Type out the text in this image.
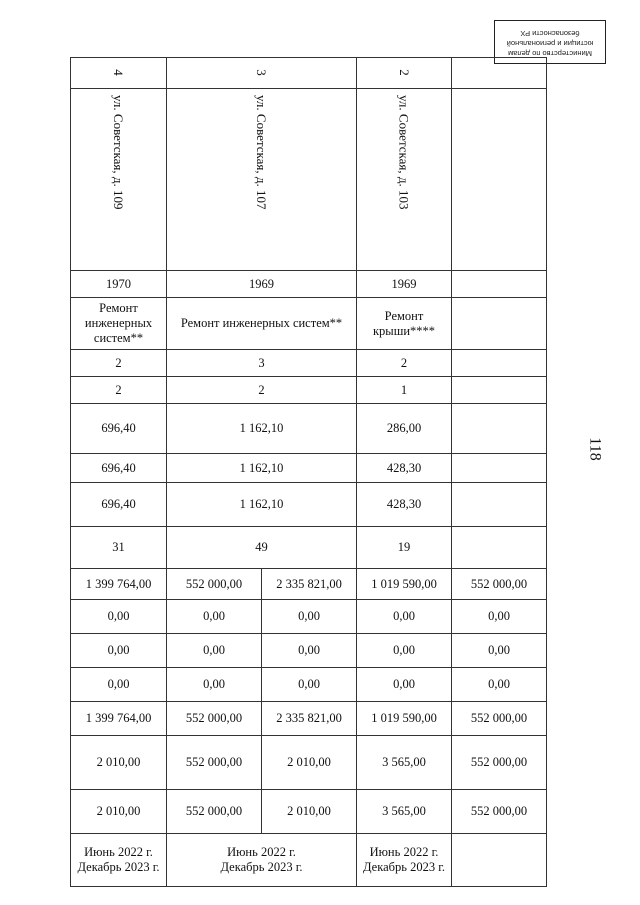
Министерство по делам
юстиции и региональной
безопасности РХ
118
4	3		2	
ул. Советская, д. 109	ул. Советская, д. 107		ул. Советская, д. 103	
1970	1969		1969	
Ремонт инженерных систем**	Ремонт инженерных систем**		Ремонт крыши****	
2	3		2	
2	2		1	
696,40	1 162,10		286,00	
696,40	1 162,10		428,30	
696,40	1 162,10		428,30	
31	49		19	
1 399 764,00	552 000,00	2 335 821,00	1 019 590,00	552 000,00
0,00	0,00	0,00	0,00	0,00
0,00	0,00	0,00	0,00	0,00
0,00	0,00	0,00	0,00	0,00
1 399 764,00	552 000,00	2 335 821,00	1 019 590,00	552 000,00
2 010,00	552 000,00	2 010,00	3 565,00	552 000,00
2 010,00	552 000,00	2 010,00	3 565,00	552 000,00
Июнь 2022 г.
Декабрь 2023 г.	Июнь 2022 г.
Декабрь 2023 г.		Июнь 2022 г.
Декабрь 2023 г.	
